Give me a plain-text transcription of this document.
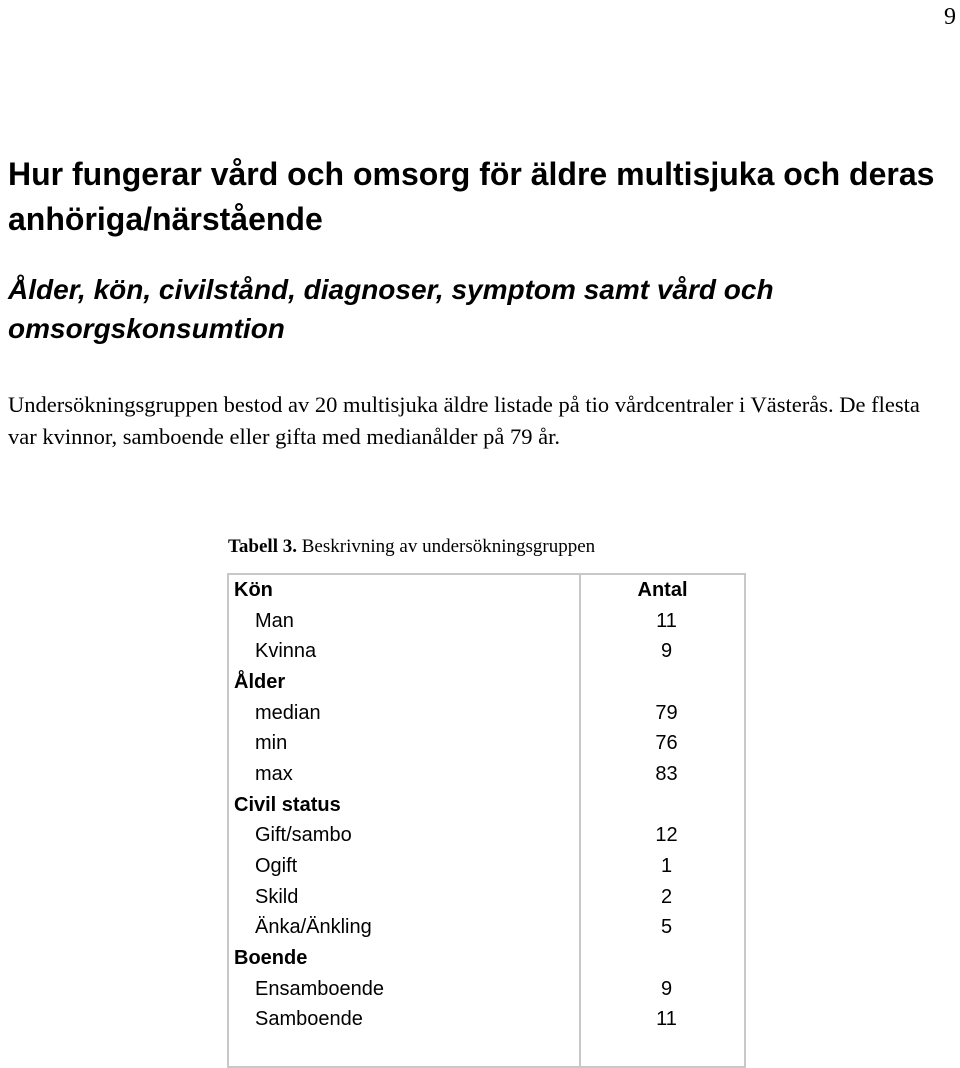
9
Hur fungerar vård och omsorg för äldre multisjuka och deras anhöriga/närstående
Ålder, kön, civilstånd, diagnoser, symptom samt vård och omsorgskonsumtion

Undersökningsgruppen bestod av 20 multisjuka äldre listade på tio vårdcentraler i Västerås. De flesta var kvinnor, samboende eller gifta med medianålder på 79 år.

Tabell 3. Beskrivning av undersökningsgruppen

Kön	Antal
Man	11
Kvinna	9
Ålder	
median	79
min	76
max	83
Civil status	
Gift/sambo	12
Ogift	1
Skild	2
Änka/Änkling	5
Boende	
Ensamboende	9
Samboende	11
